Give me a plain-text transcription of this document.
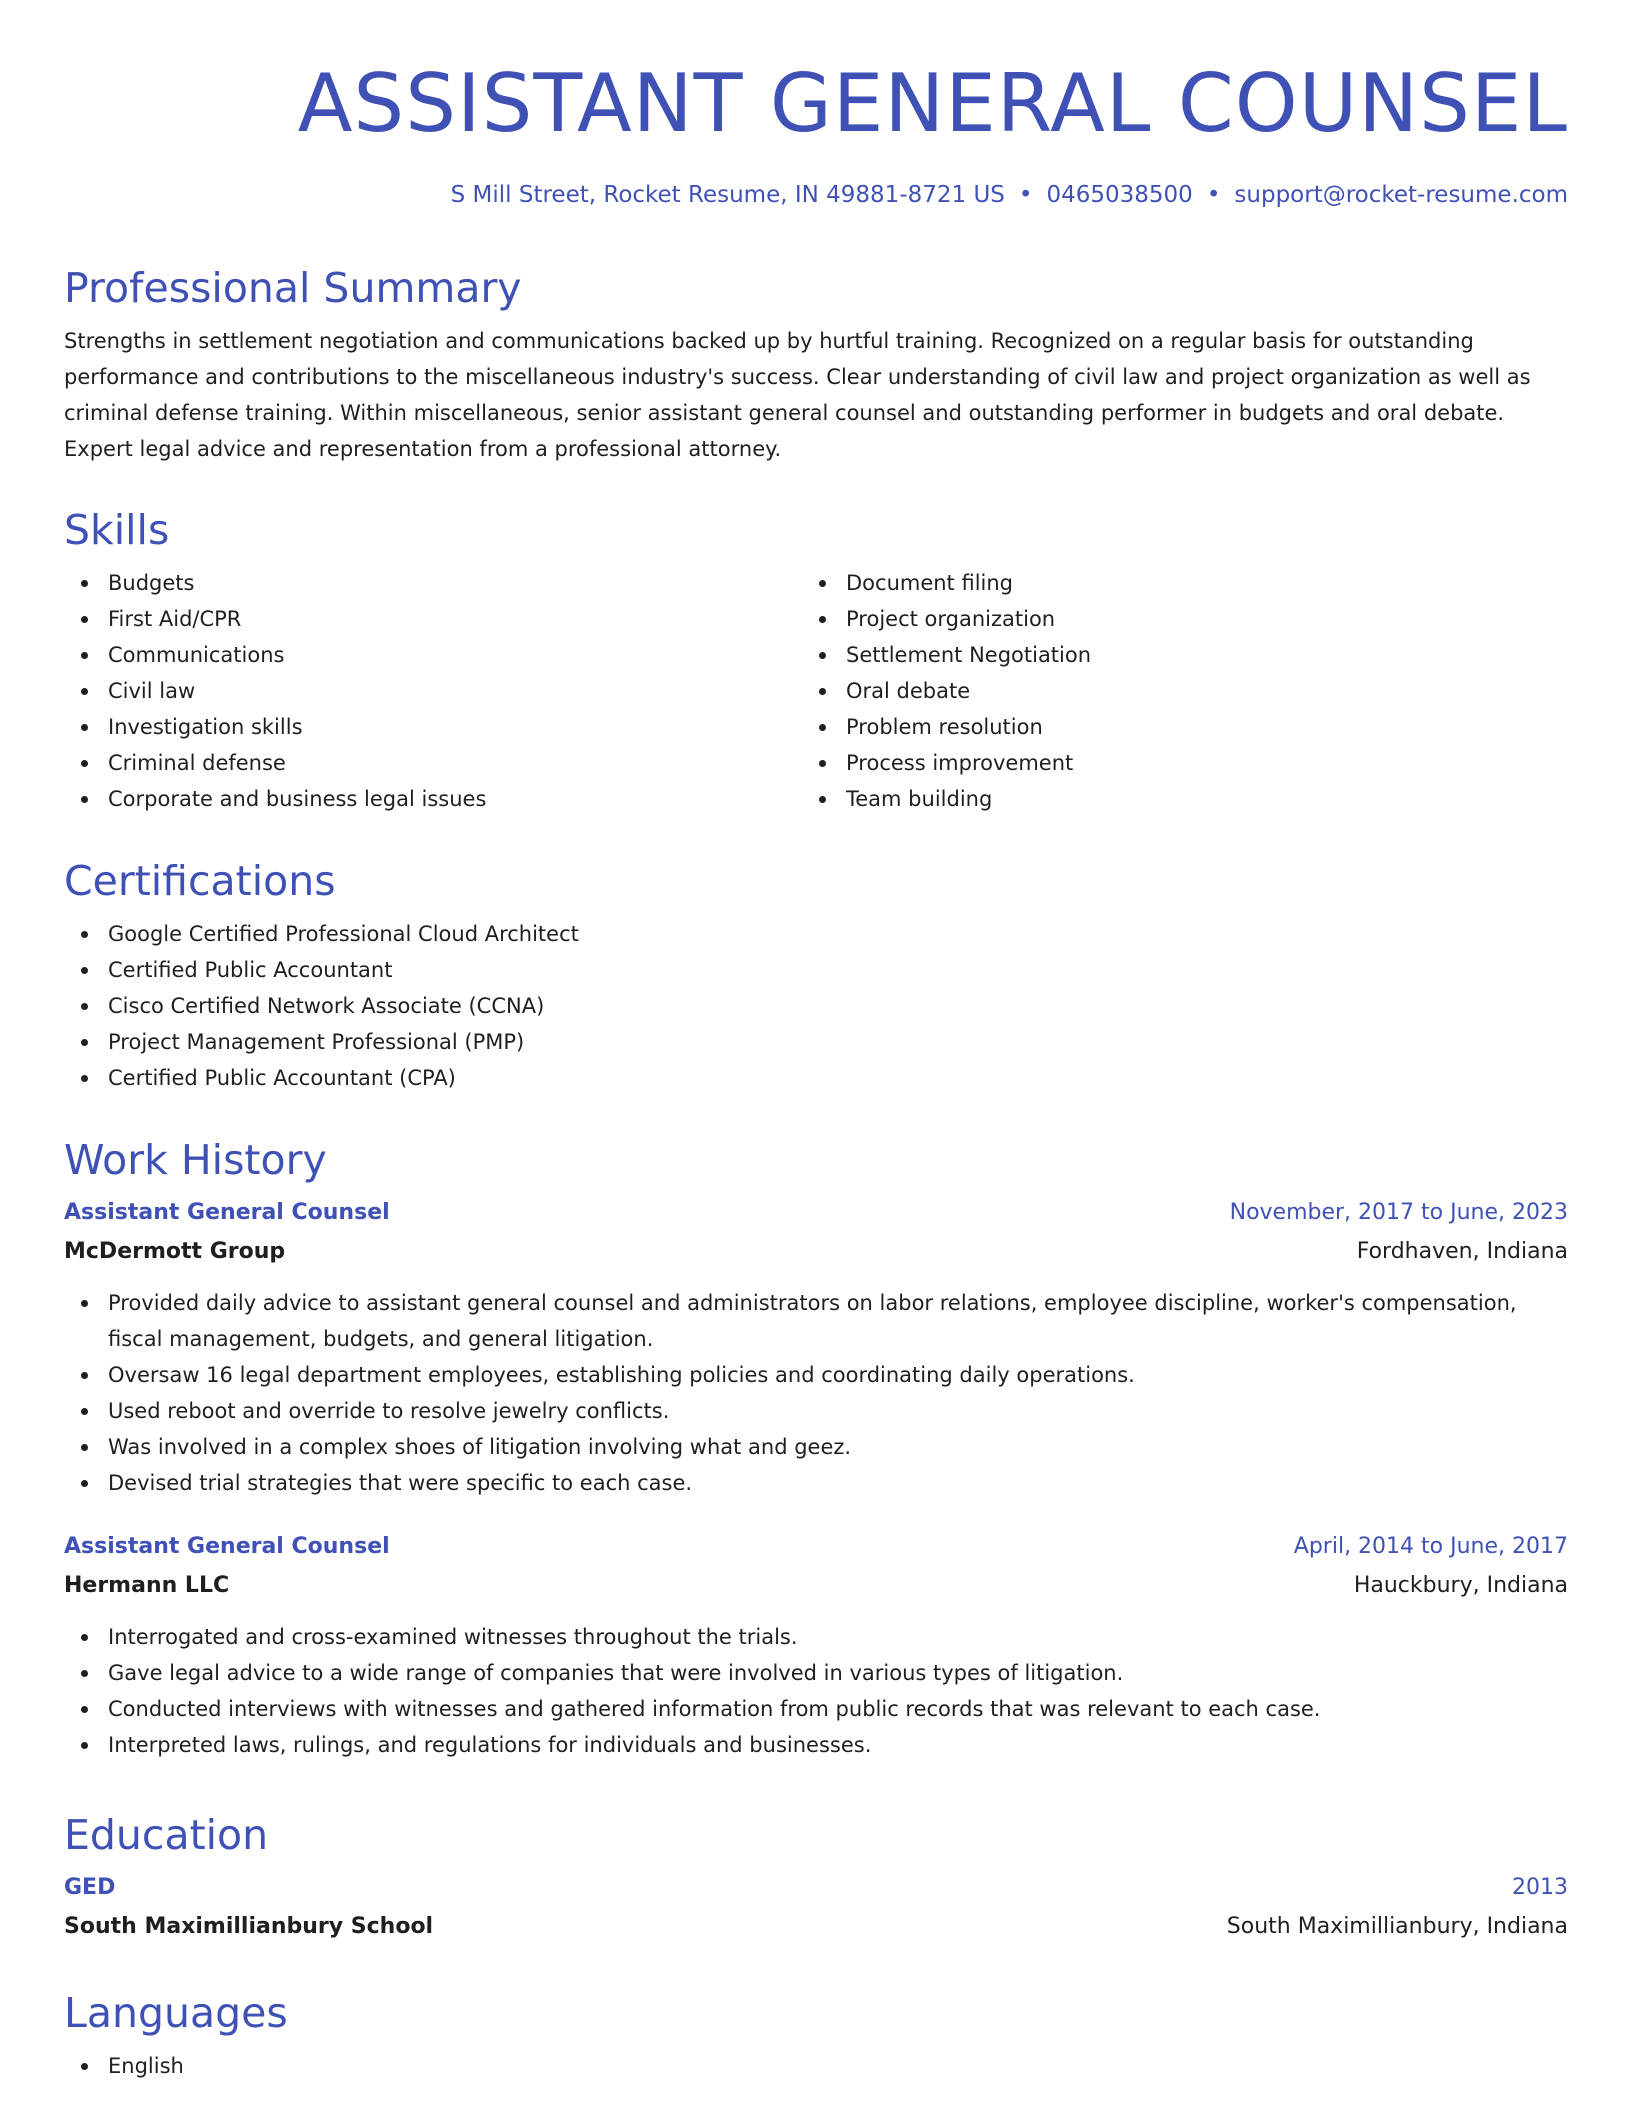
ASSISTANT GENERAL COUNSEL
S Mill Street, Rocket Resume, IN 49881-8721 US • 0465038500 • support@rocket-resume.com
Professional Summary

Strengths in settlement negotiation and communications backed up by hurtful training. Recognized on a regular basis for outstanding performance and contributions to the miscellaneous industry's success. Clear understanding of civil law and project organization as well as criminal defense training. Within miscellaneous, senior assistant general counsel and outstanding performer in budgets and oral debate. Expert legal advice and representation from a professional attorney.

Skills
Budgets
First Aid/CPR
Communications
Civil law
Investigation skills
Criminal defense
Corporate and business legal issues
Document filing
Project organization
Settlement Negotiation
Oral debate
Problem resolution
Process improvement
Team building
Certifications
Google Certified Professional Cloud Architect
Certified Public Accountant
Cisco Certified Network Associate (CCNA)
Project Management Professional (PMP)
Certified Public Accountant (CPA)
Work History
Assistant General Counsel	November, 2017 to June, 2023
McDermott Group	Fordhaven, Indiana
Provided daily advice to assistant general counsel and administrators on labor relations, employee discipline, worker's compensation, fiscal management, budgets, and general litigation.
Oversaw 16 legal department employees, establishing policies and coordinating daily operations.
Used reboot and override to resolve jewelry conflicts.
Was involved in a complex shoes of litigation involving what and geez.
Devised trial strategies that were specific to each case.
Assistant General Counsel	April, 2014 to June, 2017
Hermann LLC	Hauckbury, Indiana
Interrogated and cross-examined witnesses throughout the trials.
Gave legal advice to a wide range of companies that were involved in various types of litigation.
Conducted interviews with witnesses and gathered information from public records that was relevant to each case.
Interpreted laws, rulings, and regulations for individuals and businesses.
Education
GED	2013
South Maximillianbury School	South Maximillianbury, Indiana
Languages
English
